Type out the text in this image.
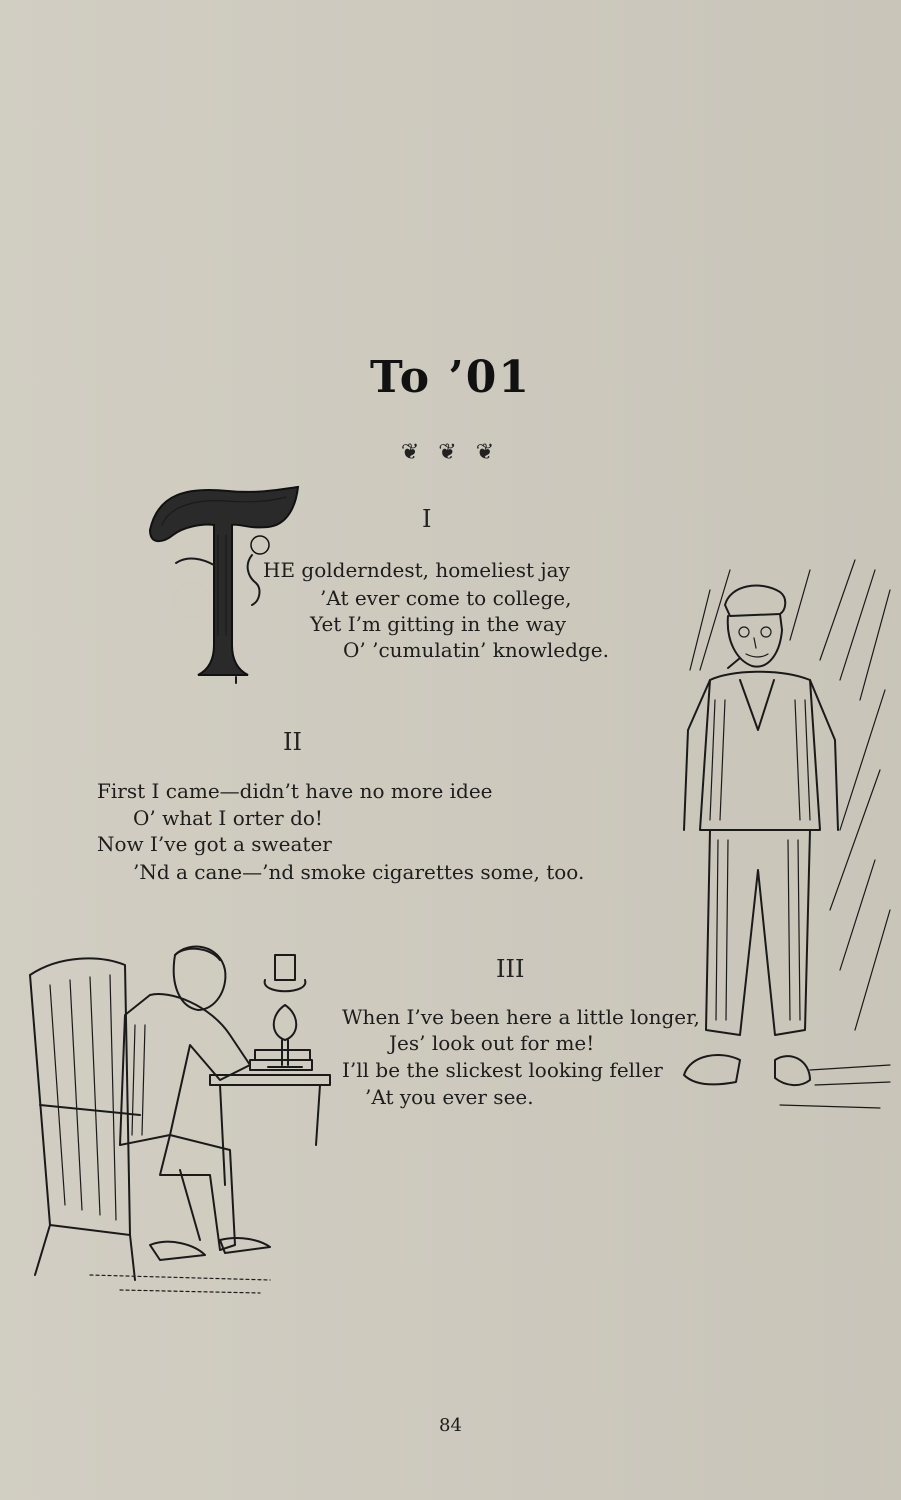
To ’01
❦ ❦ ❦
I
HE golderndest, homeliest jay
’At ever come to college,
Yet I’m gitting in the way
O’ ’cumulatin’ knowledge.
II
First I came—didn’t have no more idee
O’ what I orter do!
Now I’ve got a sweater
’Nd a cane—’nd smoke cigarettes some, too.
III
When I’ve been here a little longer,
Jes’ look out for me!
I’ll be the slickest looking feller
’At you ever see.
84
